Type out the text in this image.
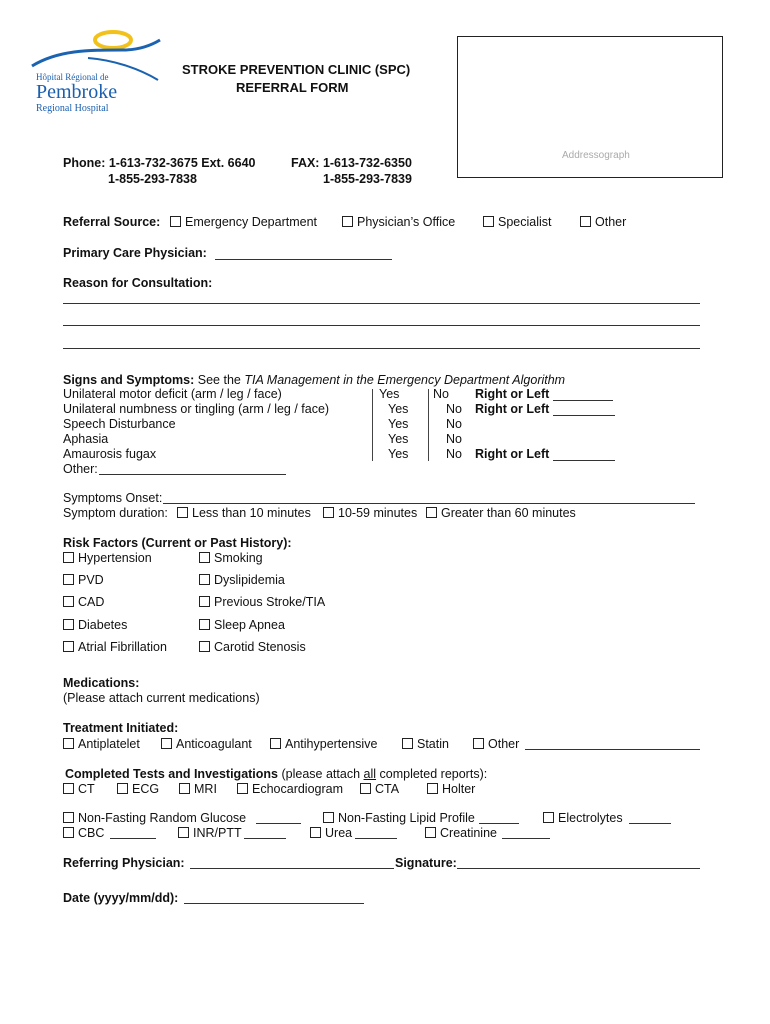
Hôpital Régional de
Pembroke
Regional Hospital
STROKE PREVENTION CLINIC (SPC)
REFERRAL FORM
Addressograph
Phone: 1-613-732-3675 Ext. 6640
1-855-293-7838
FAX: 1-613-732-6350
1-855-293-7839
Referral Source:	Emergency Department	Physician’s Office	Specialist	Other
Primary Care Physician:
Reason for Consultation:
Signs and Symptoms: See the TIA Management in the Emergency Department Algorithm
Unilateral motor deficit (arm / leg / face)	Yes	No Right or Left
Unilateral numbness or tingling (arm / leg / face)	Yes	No Right or Left
Speech Disturbance	Yes	No
Aphasia	Yes	No
Amaurosis fugax	Yes	No Right or Left
Other:
Symptoms Onset:
Symptom duration:	Less than 10 minutes	10-59 minutes	Greater than 60 minutes
Risk Factors (Current or Past History):
Hypertension
PVD
CAD
Diabetes
Atrial Fibrillation
Smoking
Dyslipidemia
Previous Stroke/TIA
Sleep Apnea
Carotid Stenosis
Medications:
(Please attach current medications)
Treatment Initiated:
Antiplatelet	Anticoagulant	Antihypertensive	Statin	Other
Completed Tests and Investigations (please attach all completed reports):
CT	ECG	MRI	Echocardiogram	CTA	Holter
Non-Fasting Random Glucose	Non-Fasting Lipid Profile	Electrolytes
CBC	INR/PTT	Urea	Creatinine
Referring Physician:	Signature:
Date (yyyy/mm/dd):
